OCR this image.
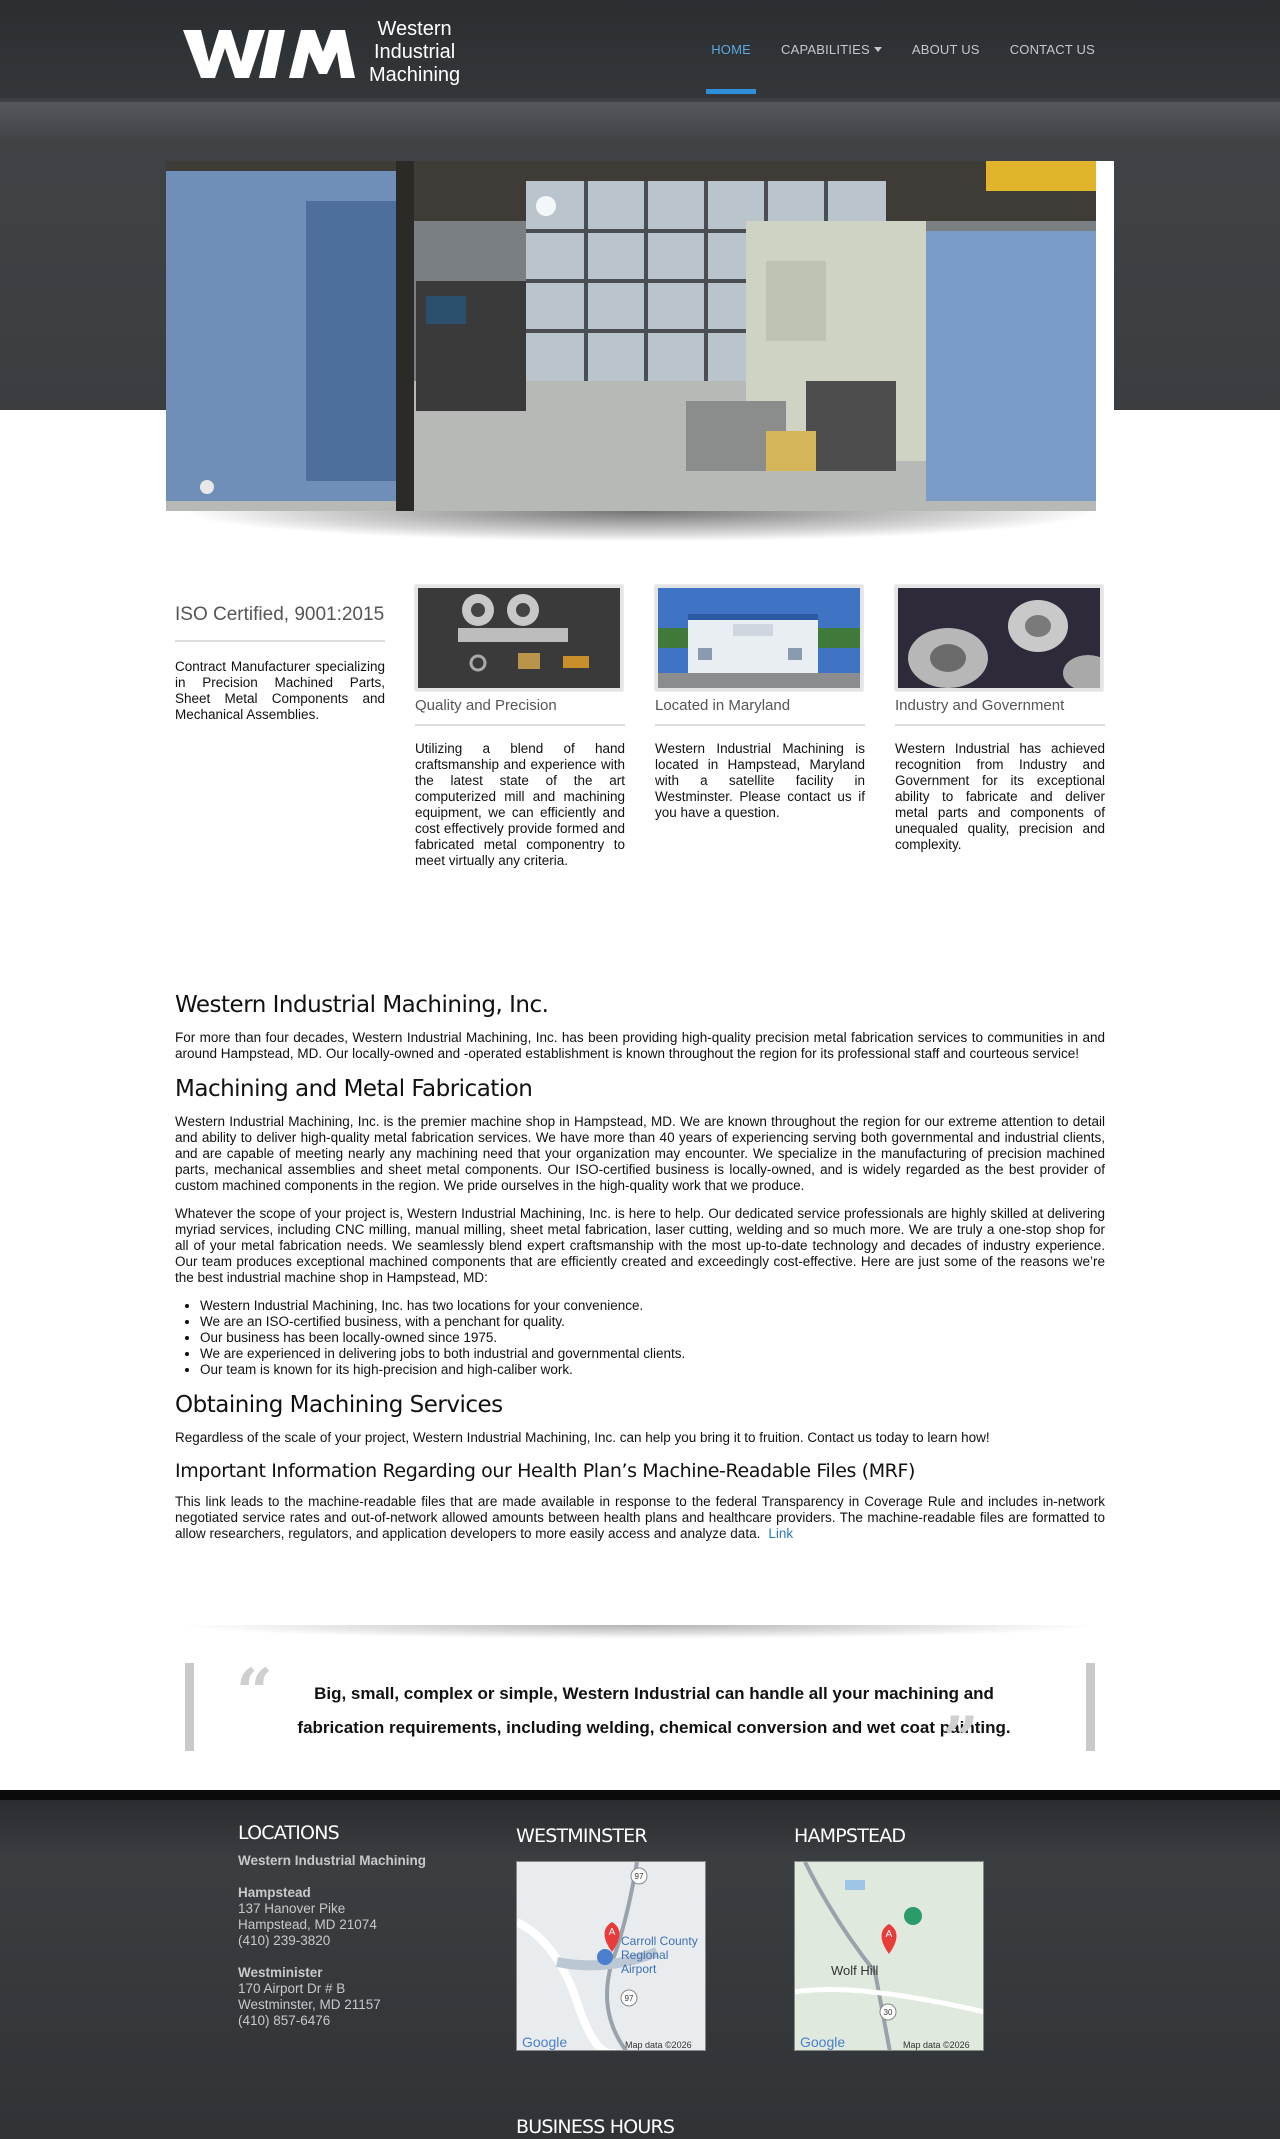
Western
Industrial
Machining
HOME CAPABILITIES	ABOUT US CONTACT US
ISO Certified, 9001:2015

Contract Manufacturer specializing in Precision Machined Parts, Sheet Metal Components and Mechanical Assemblies.

Quality and Precision

Utilizing a blend of hand craftsmanship and experience with the latest state of the art computerized mill and machining equipment, we can efficiently and cost effectively provide formed and fabricated metal componentry to meet virtually any criteria.

Located in Maryland

Western Industrial Machining is located in Hampstead, Maryland with a satellite facility in Westminster. Please contact us if you have a question.

Industry and Government

Western Industrial has achieved recognition from Industry and Government for its exceptional ability to fabricate and deliver metal parts and components of unequaled quality, precision and complexity.

Western Industrial Machining, Inc.

For more than four decades, Western Industrial Machining, Inc. has been providing high-quality precision metal fabrication services to communities in and around Hampstead, MD. Our locally-owned and -operated establishment is known throughout the region for its professional staff and courteous service!

Machining and Metal Fabrication

Western Industrial Machining, Inc. is the premier machine shop in Hampstead, MD. We are known throughout the region for our extreme attention to detail and ability to deliver high-quality metal fabrication services. We have more than 40 years of experiencing serving both governmental and industrial clients, and are capable of meeting nearly any machining need that your organization may encounter. We specialize in the manufacturing of precision machined parts, mechanical assemblies and sheet metal components. Our ISO-certified business is locally-owned, and is widely regarded as the best provider of custom machined components in the region. We pride ourselves in the high-quality work that we produce.

Whatever the scope of your project is, Western Industrial Machining, Inc. is here to help. Our dedicated service professionals are highly skilled at delivering myriad services, including CNC milling, manual milling, sheet metal fabrication, laser cutting, welding and so much more. We are truly a one-stop shop for all of your metal fabrication needs. We seamlessly blend expert craftsmanship with the most up-to-date technology and decades of industry experience. Our team produces exceptional machined components that are efficiently created and exceedingly cost-effective. Here are just some of the reasons we’re the best industrial machine shop in Hampstead, MD:

• Western Industrial Machining, Inc. has two locations for your convenience.
• We are an ISO-certified business, with a penchant for quality.
• Our business has been locally-owned since 1975.
• We are experienced in delivering jobs to both industrial and governmental clients.
• Our team is known for its high-precision and high-caliber work.
Obtaining Machining Services

Regardless of the scale of your project, Western Industrial Machining, Inc. can help you bring it to fruition. Contact us today to learn how!

Important Information Regarding our Health Plan’s Machine-Readable Files (MRF)

This link leads to the machine-readable files that are made available in response to the federal Transparency in Coverage Rule and includes in-network negotiated service rates and out-of-network allowed amounts between health plans and healthcare providers. The machine-readable files are formatted to allow researchers, regulators, and application developers to more easily access and analyze data. Link

“	Big, small, complex or simple, Western Industrial can handle all your machining and fabrication requirements, including welding, chemical conversion and wet coat painting.

”
LOCATIONS
Western Industrial Machining
Hampstead
137 Hanover Pike
Hampstead, MD 21074
(410) 239-3820
Westminister
170 Airport Dr # B
Westminster, MD 21157
(410) 857-6476
WESTMINSTER
97
97
A
Carroll County
Regional
Airport
Google	Map data ©2026
HAMPSTEAD
A
Wolf Hill
30
Google	Map data ©2026
BUSINESS HOURS
